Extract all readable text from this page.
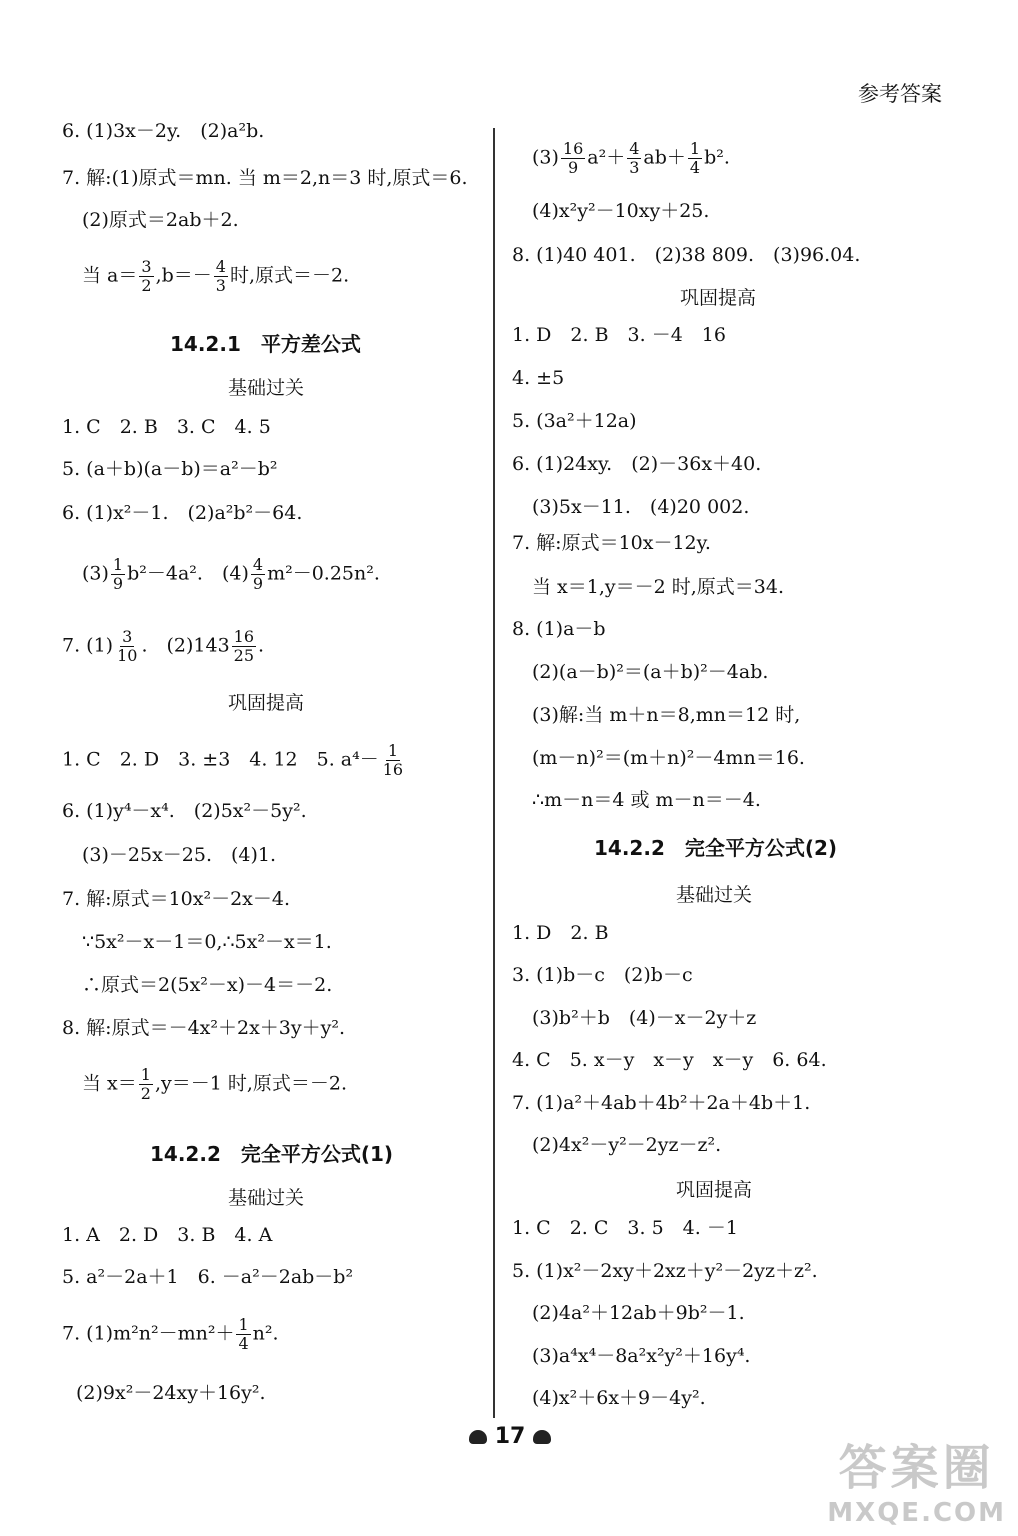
参考答案
6. (1)3x－2y.　(2)a²b.
7. 解:(1)原式＝mn. 当 m＝2,n＝3 时,原式＝6.
(2)原式＝2ab＋2.
当 $a= \frac{3}{2} ,b=- \frac{4}{3}$ 时,原式＝－2.
14.2.1　平方差公式
基础过关
1. C　2. B　3. C　4. 5
5. (a＋b)(a－b)＝a²－b²
6. (1)x²－1.　(2)a²b²－64.
$(3) \frac{1}{9} b^2-4a^2$.　$(4) \frac{4}{9} m^2-0.25n^2$.
7. $(1) \frac{3}{10}$ .　$(2)143 \frac{16}{25}$ .
巩固提高
1. C　2. D　3. ±3　4. 12　5. $a^4- \frac{1}{16}$
6. (1)y⁴－x⁴.　(2)5x²－5y².
(3)－25x－25.　(4)1.
7. 解:原式＝10x²－2x－4.
∵5x²－x－1＝0,∴5x²－x＝1.
∴原式＝2(5x²－x)－4＝－2.
8. 解:原式＝－4x²＋2x＋3y＋y².
当 $x= \frac{1}{2} ,y=-1$ 时,原式＝－2.
14.2.2　完全平方公式(1)
基础过关
1. A　2. D　3. B　4. A
5. a²－2a＋1　6. －a²－2ab－b²
7. $(1)m^2n^2-mn^2+ \frac{1}{4} n^2$.
(2)9x²－24xy＋16y².
$(3) \frac{16}{9} a^2+ \frac{4}{3} ab+ \frac{1}{4} b^2$.
(4)x²y²－10xy＋25.
8. (1)40 401.　(2)38 809.　(3)96.04.
巩固提高
1. D　2. B　3. －4　16
4. ±5
5. (3a²＋12a)
6. (1)24xy.　(2)－36x＋40.
(3)5x－11.　(4)20 002.
7. 解:原式＝10x－12y.
当 x＝1,y＝－2 时,原式＝34.
8. (1)a－b
(2)(a－b)²＝(a＋b)²－4ab.
(3)解:当 m＋n＝8,mn＝12 时,
(m－n)²＝(m＋n)²－4mn＝16.
∴m－n＝4 或 m－n＝－4.
14.2.2　完全平方公式(2)
基础过关
1. D　2. B
3. (1)b－c　(2)b－c
(3)b²＋b　(4)－x－2y＋z
4. C　5. x－y　x－y　x－y　6. 64.
7. (1)a²＋4ab＋4b²＋2a＋4b＋1.
(2)4x²－y²－2yz－z².
巩固提高
1. C　2. C　3. 5　4. －1
5. (1)x²－2xy＋2xz＋y²－2yz＋z².
(2)4a²＋12ab＋9b²－1.
(3)a⁴x⁴－8a²x²y²＋16y⁴.
(4)x²＋6x＋9－4y².
17
答案圈
MXQE.COM
